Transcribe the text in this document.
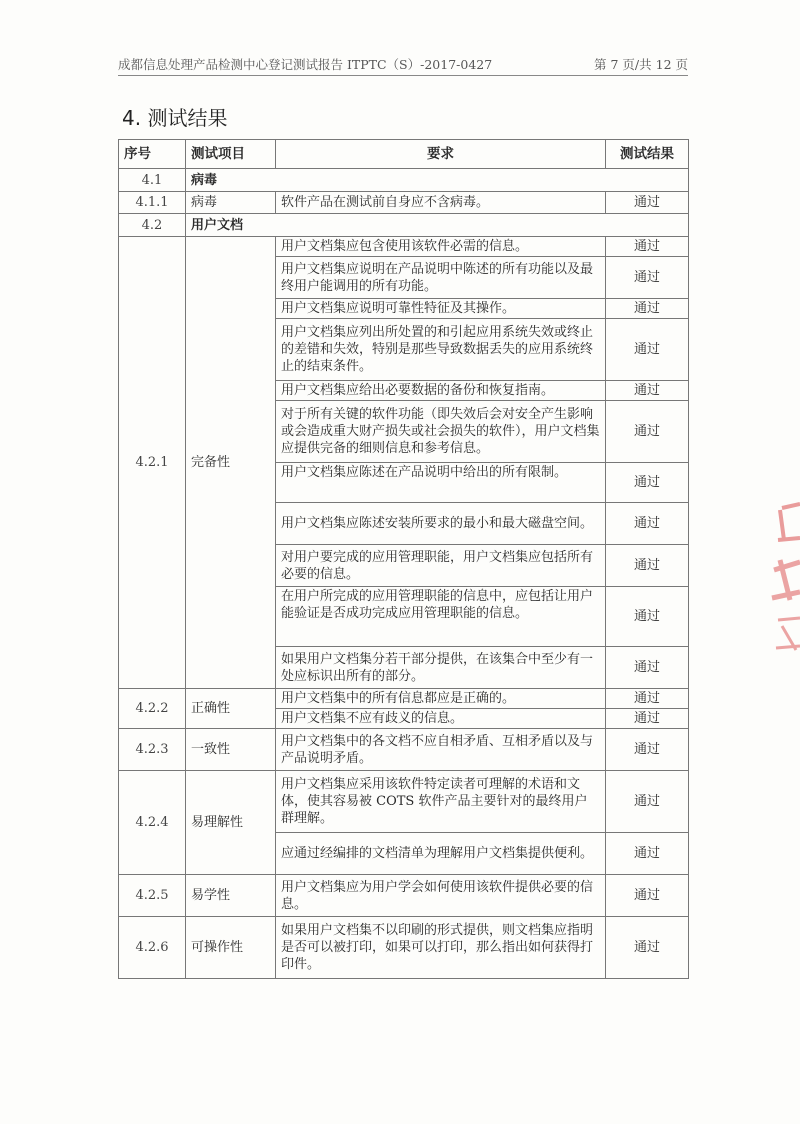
成都信息处理产品检测中心登记测试报告 ITPTC（S）-2017-0427	第 7 页/共 12 页
4. 测试结果
序号	测试项目	要求	测试结果
4.1	病毒		
4.1.1	病毒	软件产品在测试前自身应不含病毒。	通过
4.2	用户文档		
4.2.1	完备性	用户文档集应包含使用该软件必需的信息。	通过
		用户文档集应说明在产品说明中陈述的所有功能以及最终用户能调用的所有功能。	通过
		用户文档集应说明可靠性特征及其操作。	通过
		用户文档集应列出所处置的和引起应用系统失效或终止的差错和失效，特别是那些导致数据丢失的应用系统终止的结束条件。	通过
		用户文档集应给出必要数据的备份和恢复指南。	通过
		对于所有关键的软件功能（即失效后会对安全产生影响或会造成重大财产损失或社会损失的软件），用户文档集应提供完备的细则信息和参考信息。	通过
		用户文档集应陈述在产品说明中给出的所有限制。	通过
		用户文档集应陈述安装所要求的最小和最大磁盘空间。	通过
		对用户要完成的应用管理职能，用户文档集应包括所有必要的信息。	通过
		在用户所完成的应用管理职能的信息中，应包括让用户能验证是否成功完成应用管理职能的信息。	通过
		如果用户文档集分若干部分提供，在该集合中至少有一处应标识出所有的部分。	通过
4.2.2	正确性	用户文档集中的所有信息都应是正确的。	通过
		用户文档集不应有歧义的信息。	通过
4.2.3	一致性	用户文档集中的各文档不应自相矛盾、互相矛盾以及与产品说明矛盾。	通过
4.2.4	易理解性	用户文档集应采用该软件特定读者可理解的术语和文体，使其容易被 COTS 软件产品主要针对的最终用户群理解。	通过
		应通过经编排的文档清单为理解用户文档集提供便利。	通过
4.2.5	易学性	用户文档集应为用户学会如何使用该软件提供必要的信息。	通过
4.2.6	可操作性	如果用户文档集不以印刷的形式提供，则文档集应指明是否可以被打印，如果可以打印，那么指出如何获得打印件。	通过
